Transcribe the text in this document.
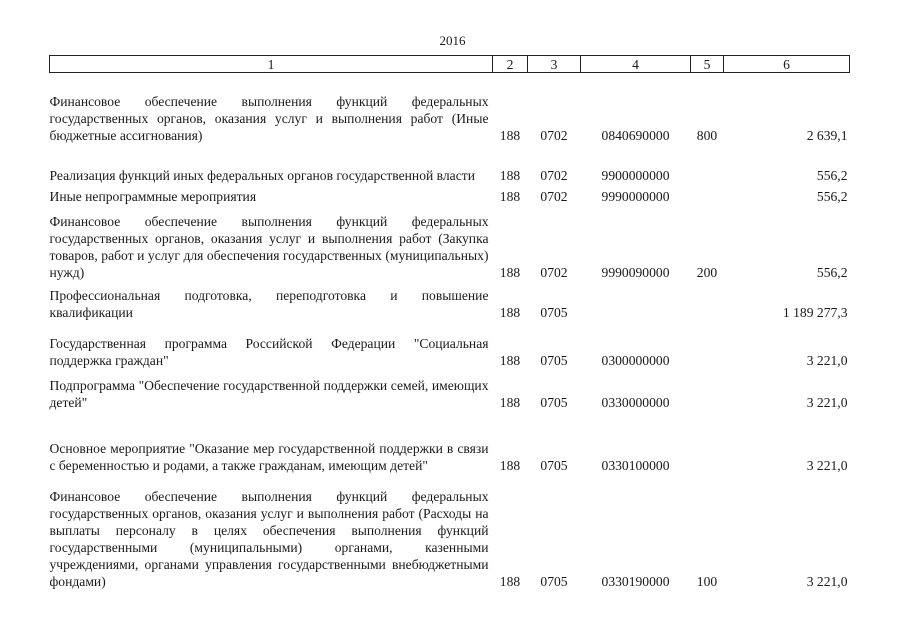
2016
1	2	3	4	5	6
Финансовое обеспечение выполнения функций федеральных государственных органов, оказания услуг и выполнения работ (Иные бюджетные ассигнования)	188	0702	0840690000	800	2 639,1
Реализация функций иных федеральных органов государственной власти	188	0702	9900000000		556,2
Иные непрограммные мероприятия	188	0702	9990000000		556,2
Финансовое обеспечение выполнения функций федеральных государственных органов, оказания услуг и выполнения работ (Закупка товаров, работ и услуг для обеспечения государственных (муниципальных) нужд)	188	0702	9990090000	200	556,2
Профессиональная подготовка, переподготовка и повышение квалификации	188	0705			1 189 277,3
Государственная программа Российской Федерации "Социальная поддержка граждан"	188	0705	0300000000		3 221,0
Подпрограмма "Обеспечение государственной поддержки семей, имеющих детей"	188	0705	0330000000		3 221,0
Основное мероприятие "Оказание мер государственной поддержки в связи с беременностью и родами, а также гражданам, имеющим детей"	188	0705	0330100000		3 221,0
Финансовое обеспечение выполнения функций федеральных государственных органов, оказания услуг и выполнения работ (Расходы на выплаты персоналу в целях обеспечения выполнения функций государственными (муниципальными) органами, казенными учреждениями, органами управления государственными внебюджетными фондами)	188	0705	0330190000	100	3 221,0
